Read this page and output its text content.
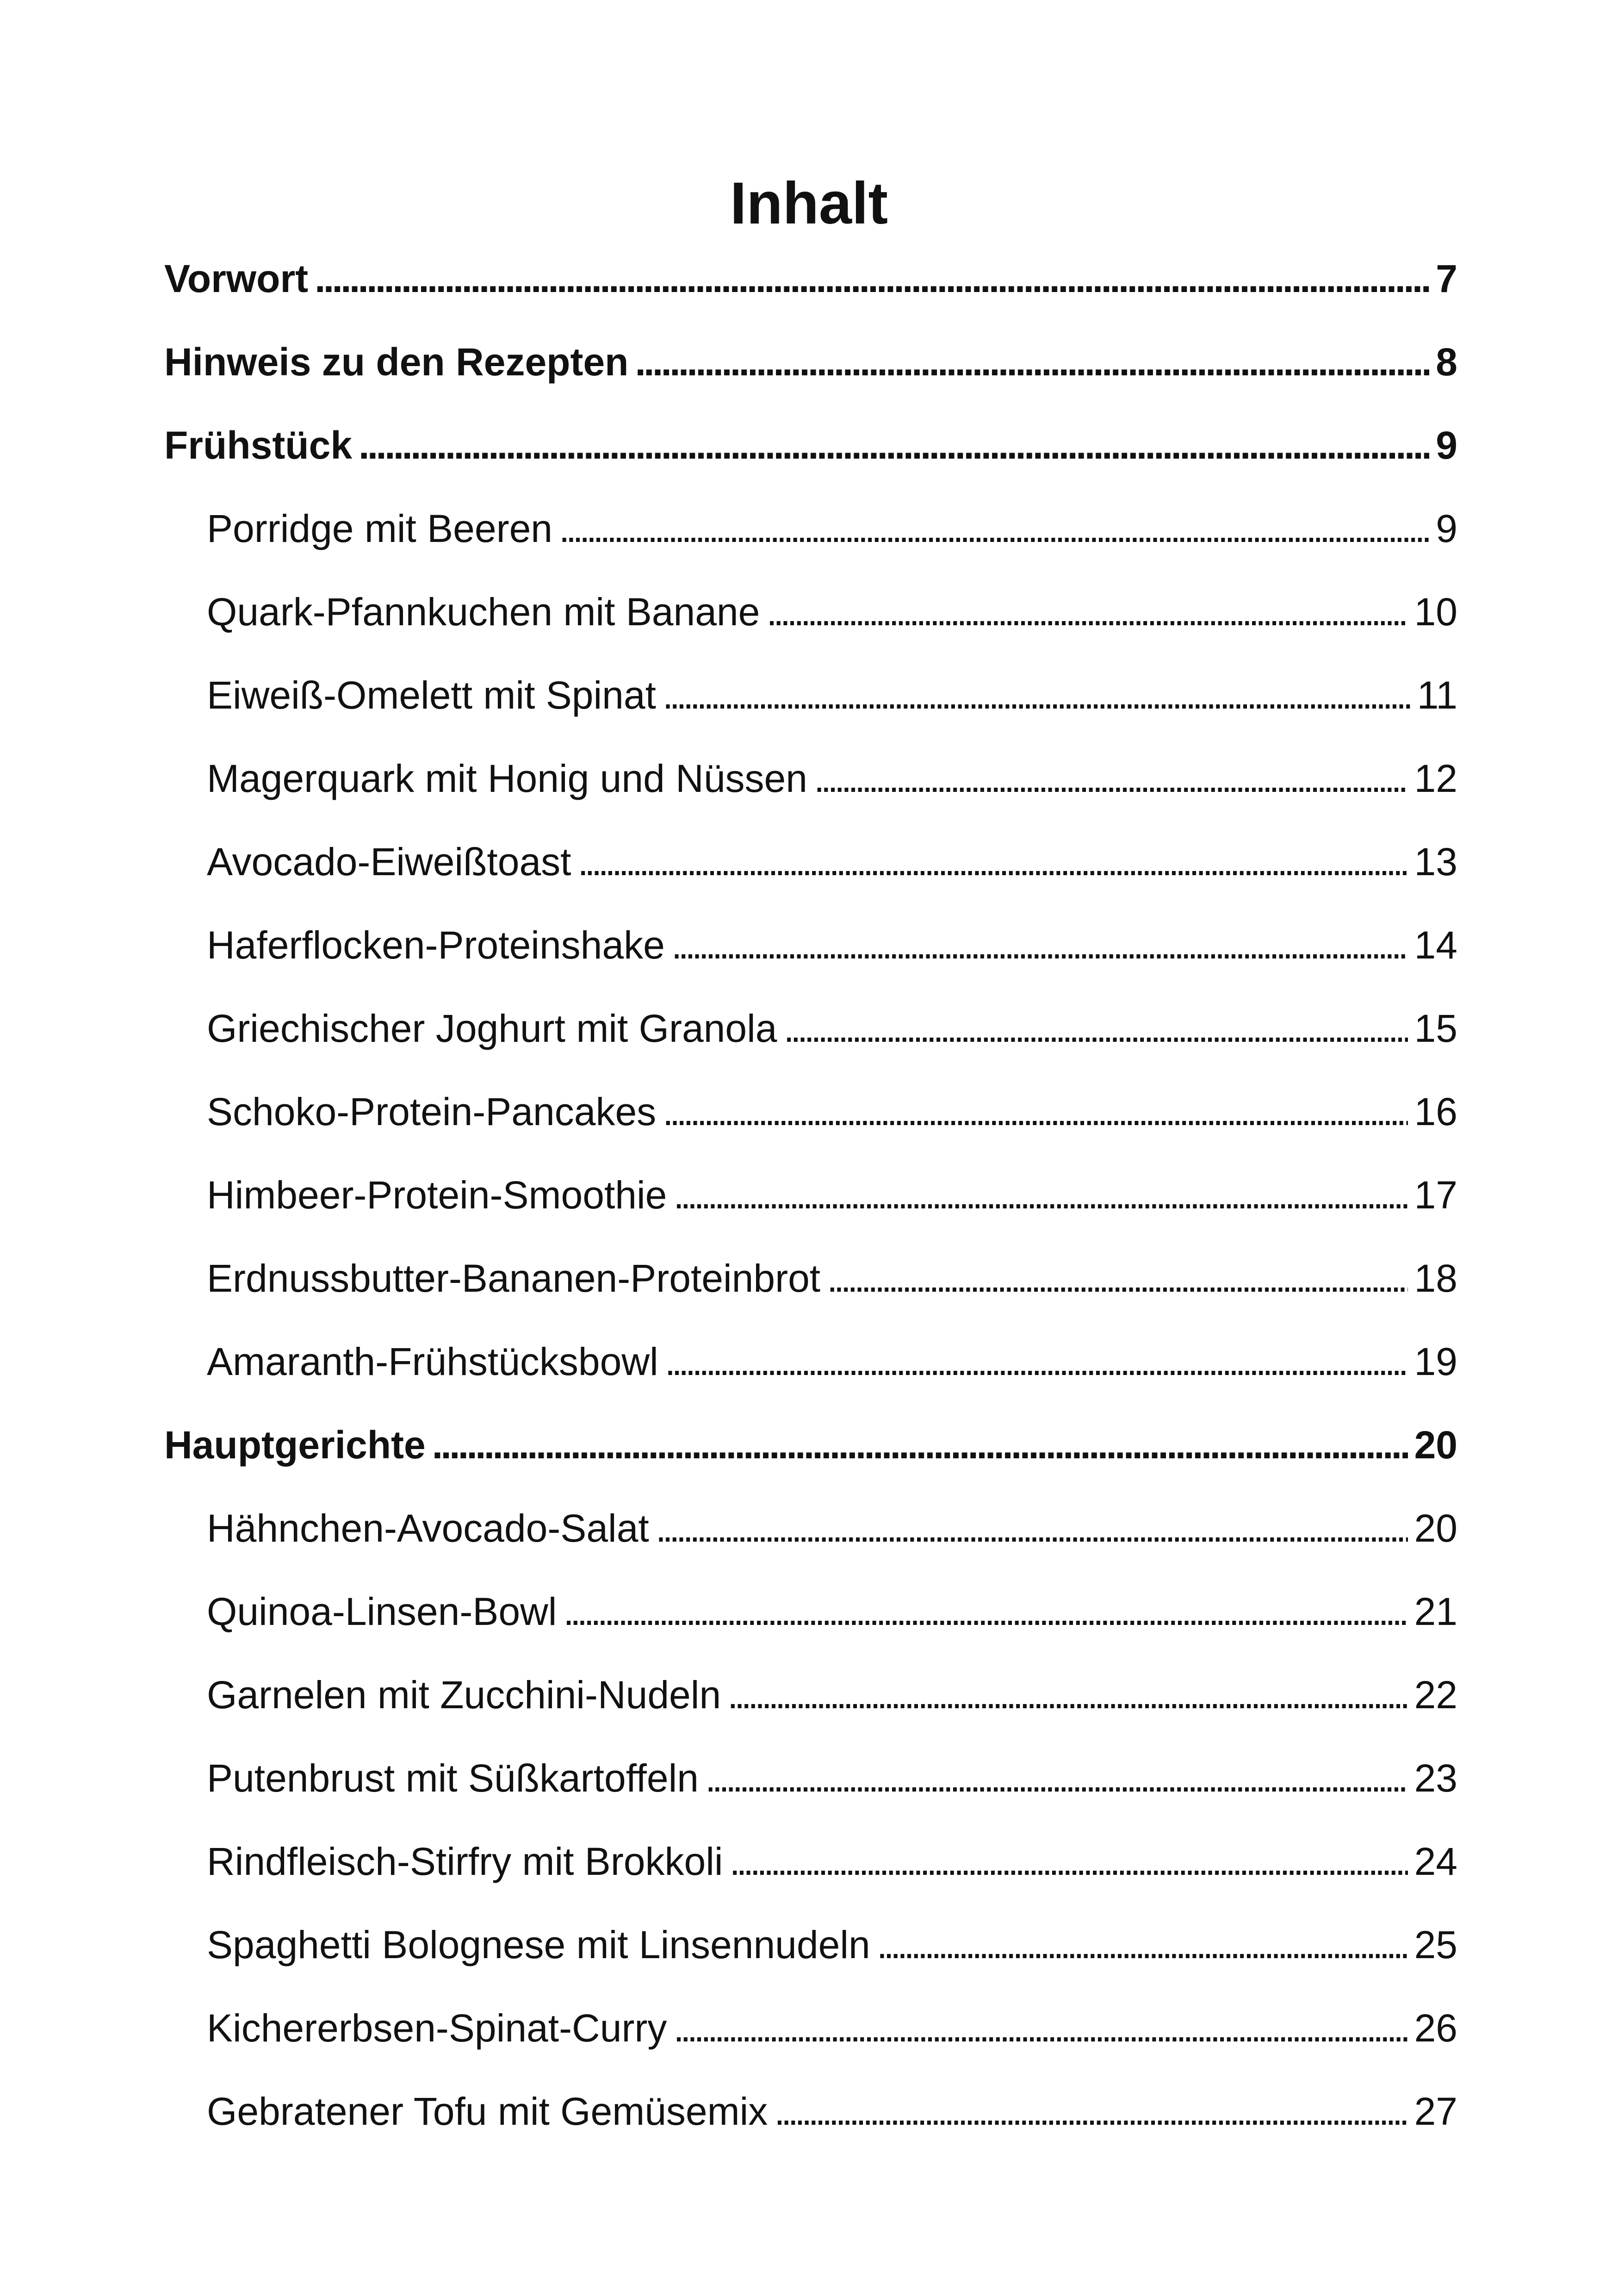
Inhalt
Vorwort . . .	7
Hinweis zu den Rezepten . . .	8
Frühstück . . .	9
Porridge mit Beeren . . .	9
Quark-Pfannkuchen mit Banane . . .	10
Eiweiß-Omelett mit Spinat . . .	11
Magerquark mit Honig und Nüssen . . .	12
Avocado-Eiweißtoast . . .	13
Haferflocken-Proteinshake . . .	14
Griechischer Joghurt mit Granola . . .	15
Schoko-Protein-Pancakes . . .	16
Himbeer-Protein-Smoothie . . .	17
Erdnussbutter-Bananen-Proteinbrot . . .	18
Amaranth-Frühstücksbowl . . .	19
Hauptgerichte . . .	20
Hähnchen-Avocado-Salat . . .	20
Quinoa-Linsen-Bowl . . .	21
Garnelen mit Zucchini-Nudeln . . .	22
Putenbrust mit Süßkartoffeln . . .	23
Rindfleisch-Stirfry mit Brokkoli . . .	24
Spaghetti Bolognese mit Linsennudeln . . .	25
Kichererbsen-Spinat-Curry . . .	26
Gebratener Tofu mit Gemüsemix . . .	27
